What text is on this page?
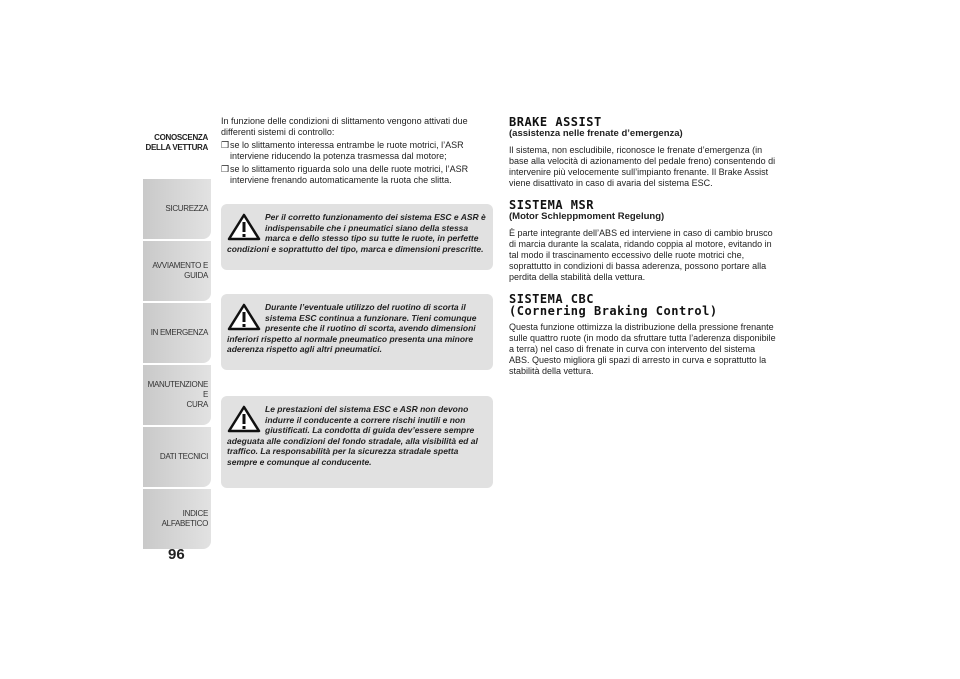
CONOSCENZA
DELLA VETTURA
SICUREZZA
AVVIAMENTO E
GUIDA
IN EMERGENZA
MANUTENZIONE E
CURA
DATI TECNICI
INDICE ALFABETICO
96

In funzione delle condizioni di slittamento vengono attivati due differenti sistemi di controllo:

❒ se lo slittamento interessa entrambe le ruote motrici, l’ASR interviene riducendo la potenza trasmessa dal motore;
❒ se lo slittamento riguarda solo una delle ruote motrici, l’ASR interviene frenando automaticamente la ruota che slitta.
Per il corretto funzionamento dei sistema ESC e ASR è indispensabile che i pneumatici siano della stessa marca e dello stesso tipo su tutte le ruote, in perfette condizioni e soprattutto del tipo, marca e dimensioni prescritte.
Durante l’eventuale utilizzo del ruotino di scorta il sistema ESC continua a funzionare. Tieni comunque presente che il ruotino di scorta, avendo dimensioni inferiori rispetto al normale pneumatico presenta una minore aderenza rispetto agli altri pneumatici.
Le prestazioni del sistema ESC e ASR non devono indurre il conducente a correre rischi inutili e non giustificati. La condotta di guida dev’essere sempre adeguata alle condizioni del fondo stradale, alla visibilità ed al traffico. La responsabilità per la sicurezza stradale spetta sempre e comunque al conducente.
BRAKE ASSIST
(assistenza nelle frenate d’emergenza)

Il sistema, non escludibile, riconosce le frenate d’emergenza (in base alla velocità di azionamento del pedale freno) consentendo di intervenire più velocemente sull’impianto frenante. Il Brake Assist viene disattivato in caso di avaria del sistema ESC.

SISTEMA MSR
(Motor Schleppmoment Regelung)

È parte integrante dell’ABS ed interviene in caso di cambio brusco di marcia durante la scalata, ridando coppia al motore, evitando in tal modo il trascinamento eccessivo delle ruote motrici che, soprattutto in condizioni di bassa aderenza, possono portare alla perdita della stabilità della vettura.

SISTEMA CBC
(Cornering Braking Control)

Questa funzione ottimizza la distribuzione della pressione frenante sulle quattro ruote (in modo da sfruttare tutta l’aderenza disponibile a terra) nel caso di frenate in curva con intervento del sistema ABS. Questo migliora gli spazi di arresto in curva e soprattutto la stabilità della vettura.
